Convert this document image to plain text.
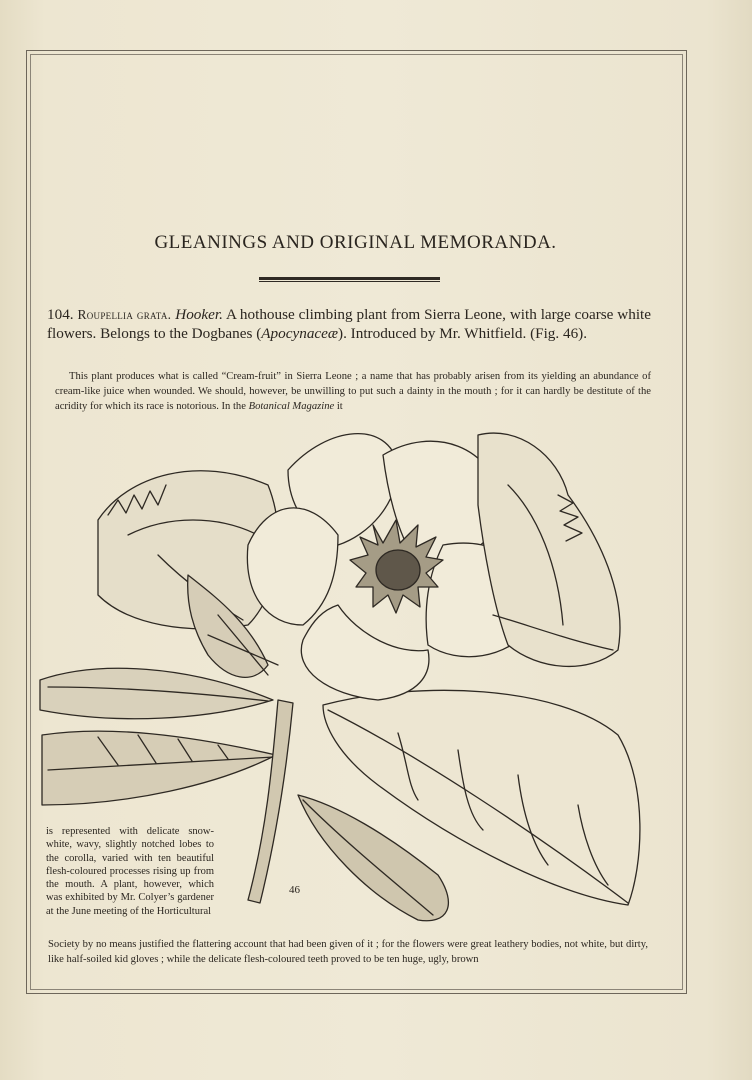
GLEANINGS AND ORIGINAL MEMORANDA.
104. Roupellia grata. Hooker. A hothouse climbing plant from Sierra Leone, with large coarse white flowers. Belongs to the Dogbanes (Apocynaceæ). Introduced by Mr. Whitfield. (Fig. 46).
This plant produces what is called “Cream-fruit” in Sierra Leone ; a name that has probably arisen from its yielding an abundance of cream-like juice when wounded. We should, however, be unwilling to put such a dainty in the mouth ; for it can hardly be destitute of the acridity for which its race is notorious. In the Botanical Magazine it
is represented with delicate snow-white, wavy, slightly notched lobes to the corolla, varied with ten beautiful flesh-coloured processes rising up from the mouth. A plant, however, which was exhibited by Mr. Colyer’s gardener at the June meeting of the Horticultural
46
Society by no means justified the flattering account that had been given of it ; for the flowers were great leathery bodies, not white, but dirty, like half-soiled kid gloves ; while the delicate flesh-coloured teeth proved to be ten huge, ugly, brown
